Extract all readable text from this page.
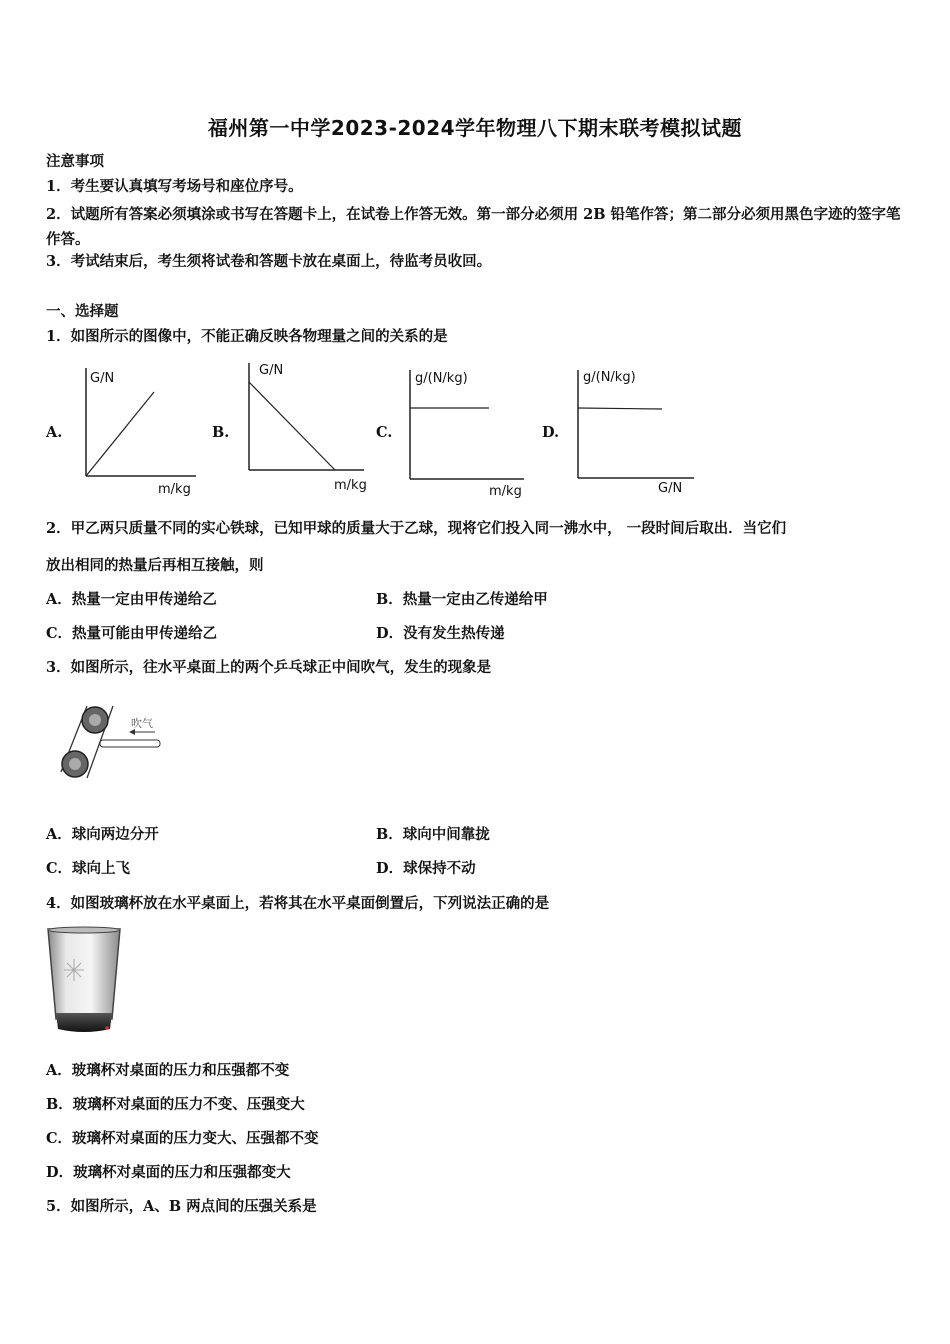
福州第一中学2023-2024学年物理八下期末联考模拟试题
注意事项
1．考生要认真填写考场号和座位序号。
2．试题所有答案必须填涂或书写在答题卡上，在试卷上作答无效。第一部分必须用 2B 铅笔作答；第二部分必须用黑色字迹的签字笔作答。
3．考试结束后，考生须将试卷和答题卡放在桌面上，待监考员收回。
一、选择题
1．如图所示的图像中，不能正确反映各物理量之间的关系的是
A.
G/N
m/kg
B.
G/N
m/kg
C.
g/(N/kg)
m/kg
D.
g/(N/kg)
G/N
2．甲乙两只质量不同的实心铁球，已知甲球的质量大于乙球，现将它们投入同一沸水中， 一段时间后取出．当它们
放出相同的热量后再相互接触，则
A．热量一定由甲传递给乙	B．热量一定由乙传递给甲
C．热量可能由甲传递给乙	D．没有发生热传递
3．如图所示，往水平桌面上的两个乒乓球正中间吹气，发生的现象是
吹气
A．球向两边分开	B．球向中间靠拢
C．球向上飞	D．球保持不动
4．如图玻璃杯放在水平桌面上，若将其在水平桌面倒置后，下列说法正确的是
A．玻璃杯对桌面的压力和压强都不变
B．玻璃杯对桌面的压力不变、压强变大
C．玻璃杯对桌面的压力变大、压强都不变
D．玻璃杯对桌面的压力和压强都变大
5．如图所示，A、B 两点间的压强关系是
